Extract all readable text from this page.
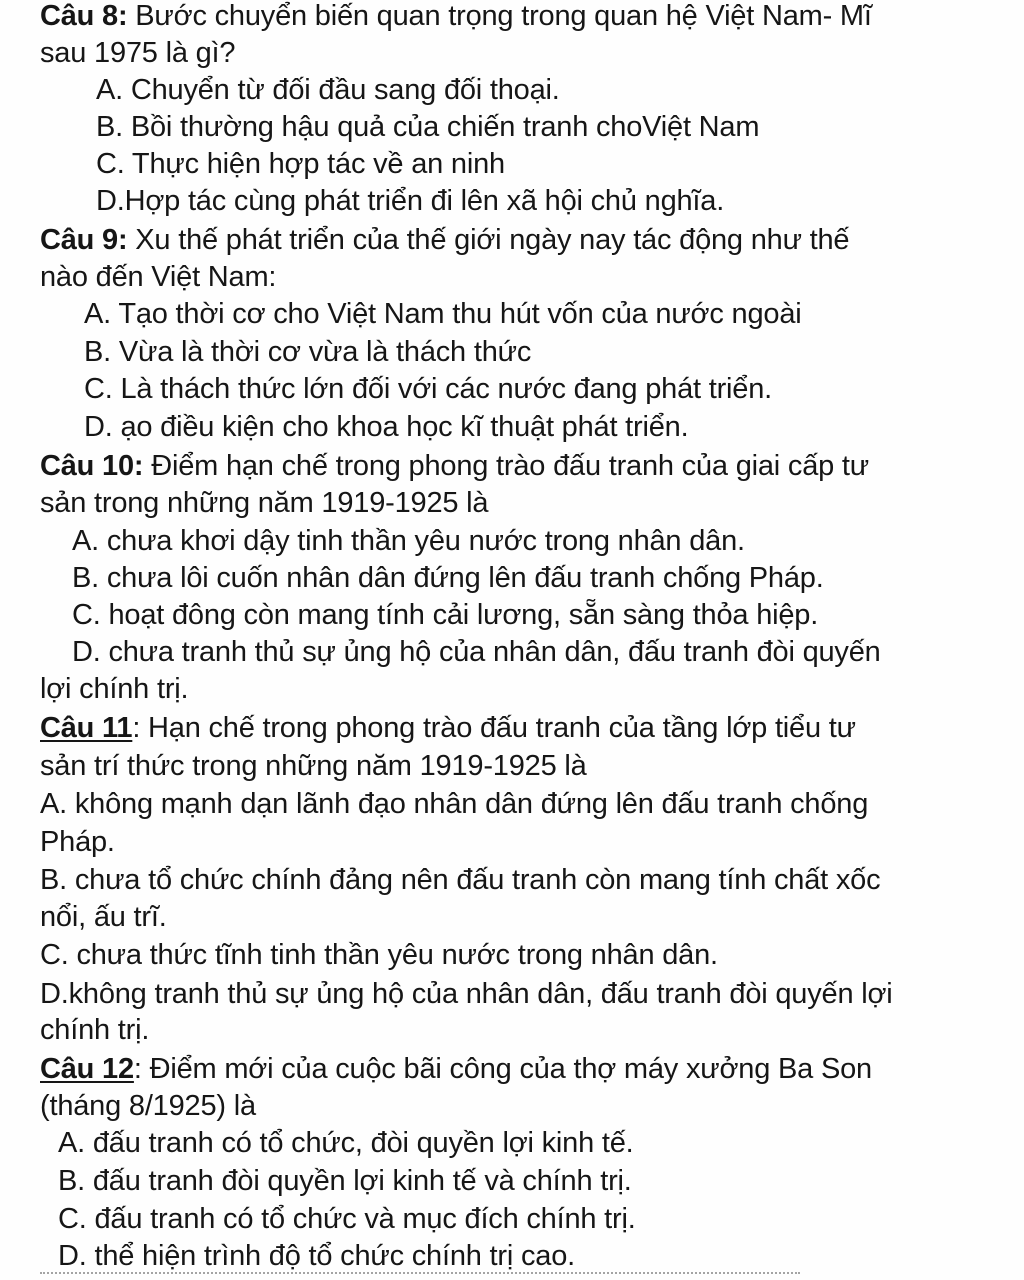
Câu 8: Bước chuyển biến quan trọng trong quan hệ Việt Nam- Mĩ
sau 1975 là gì?
A. Chuyển từ đối đầu sang đối thoại.
B. Bồi thường hậu quả của chiến tranh choViệt Nam
C. Thực hiện hợp tác về an ninh
D.Hợp tác cùng phát triển đi lên xã hội chủ nghĩa.
Câu 9: Xu thế phát triển của thế giới ngày nay tác động như thế
nào đến Việt Nam:
A. Tạo thời cơ cho Việt Nam thu hút vốn của nước ngoài
B. Vừa là thời cơ vừa là thách thức
C. Là thách thức lớn đối với các nước đang phát triển.
D. ạo điều kiện cho khoa học kĩ thuật phát triển.
Câu 10: Điểm hạn chế trong phong trào đấu tranh của giai cấp tư
sản trong những năm 1919-1925 là
A. chưa khơi dậy tinh thần yêu nước trong nhân dân.
B. chưa lôi cuốn nhân dân đứng lên đấu tranh chống Pháp.
C. hoạt đông còn mang tính cải lương, sẵn sàng thỏa hiệp.
D. chưa tranh thủ sự ủng hộ của nhân dân, đấu tranh đòi quyến
lợi chính trị.
Câu 11: Hạn chế trong phong trào đấu tranh của tầng lớp tiểu tư
sản trí thức trong những năm 1919-1925 là
A. không mạnh dạn lãnh đạo nhân dân đứng lên đấu tranh chống
Pháp.
B. chưa tổ chức chính đảng nên đấu tranh còn mang tính chất xốc
nổi, ấu trĩ.
C. chưa thức tĩnh tinh thần yêu nước trong nhân dân.
D.không tranh thủ sự ủng hộ của nhân dân, đấu tranh đòi quyến lợi
chính trị.
Câu 12: Điểm mới của cuộc bãi công của thợ máy xưởng Ba Son
(tháng 8/1925) là
A. đấu tranh có tổ chức, đòi quyền lợi kinh tế.
B. đấu tranh đòi quyền lợi kinh tế và chính trị.
C. đấu tranh có tổ chức và mục đích chính trị.
D. thể hiện trình độ tổ chức chính trị cao.
